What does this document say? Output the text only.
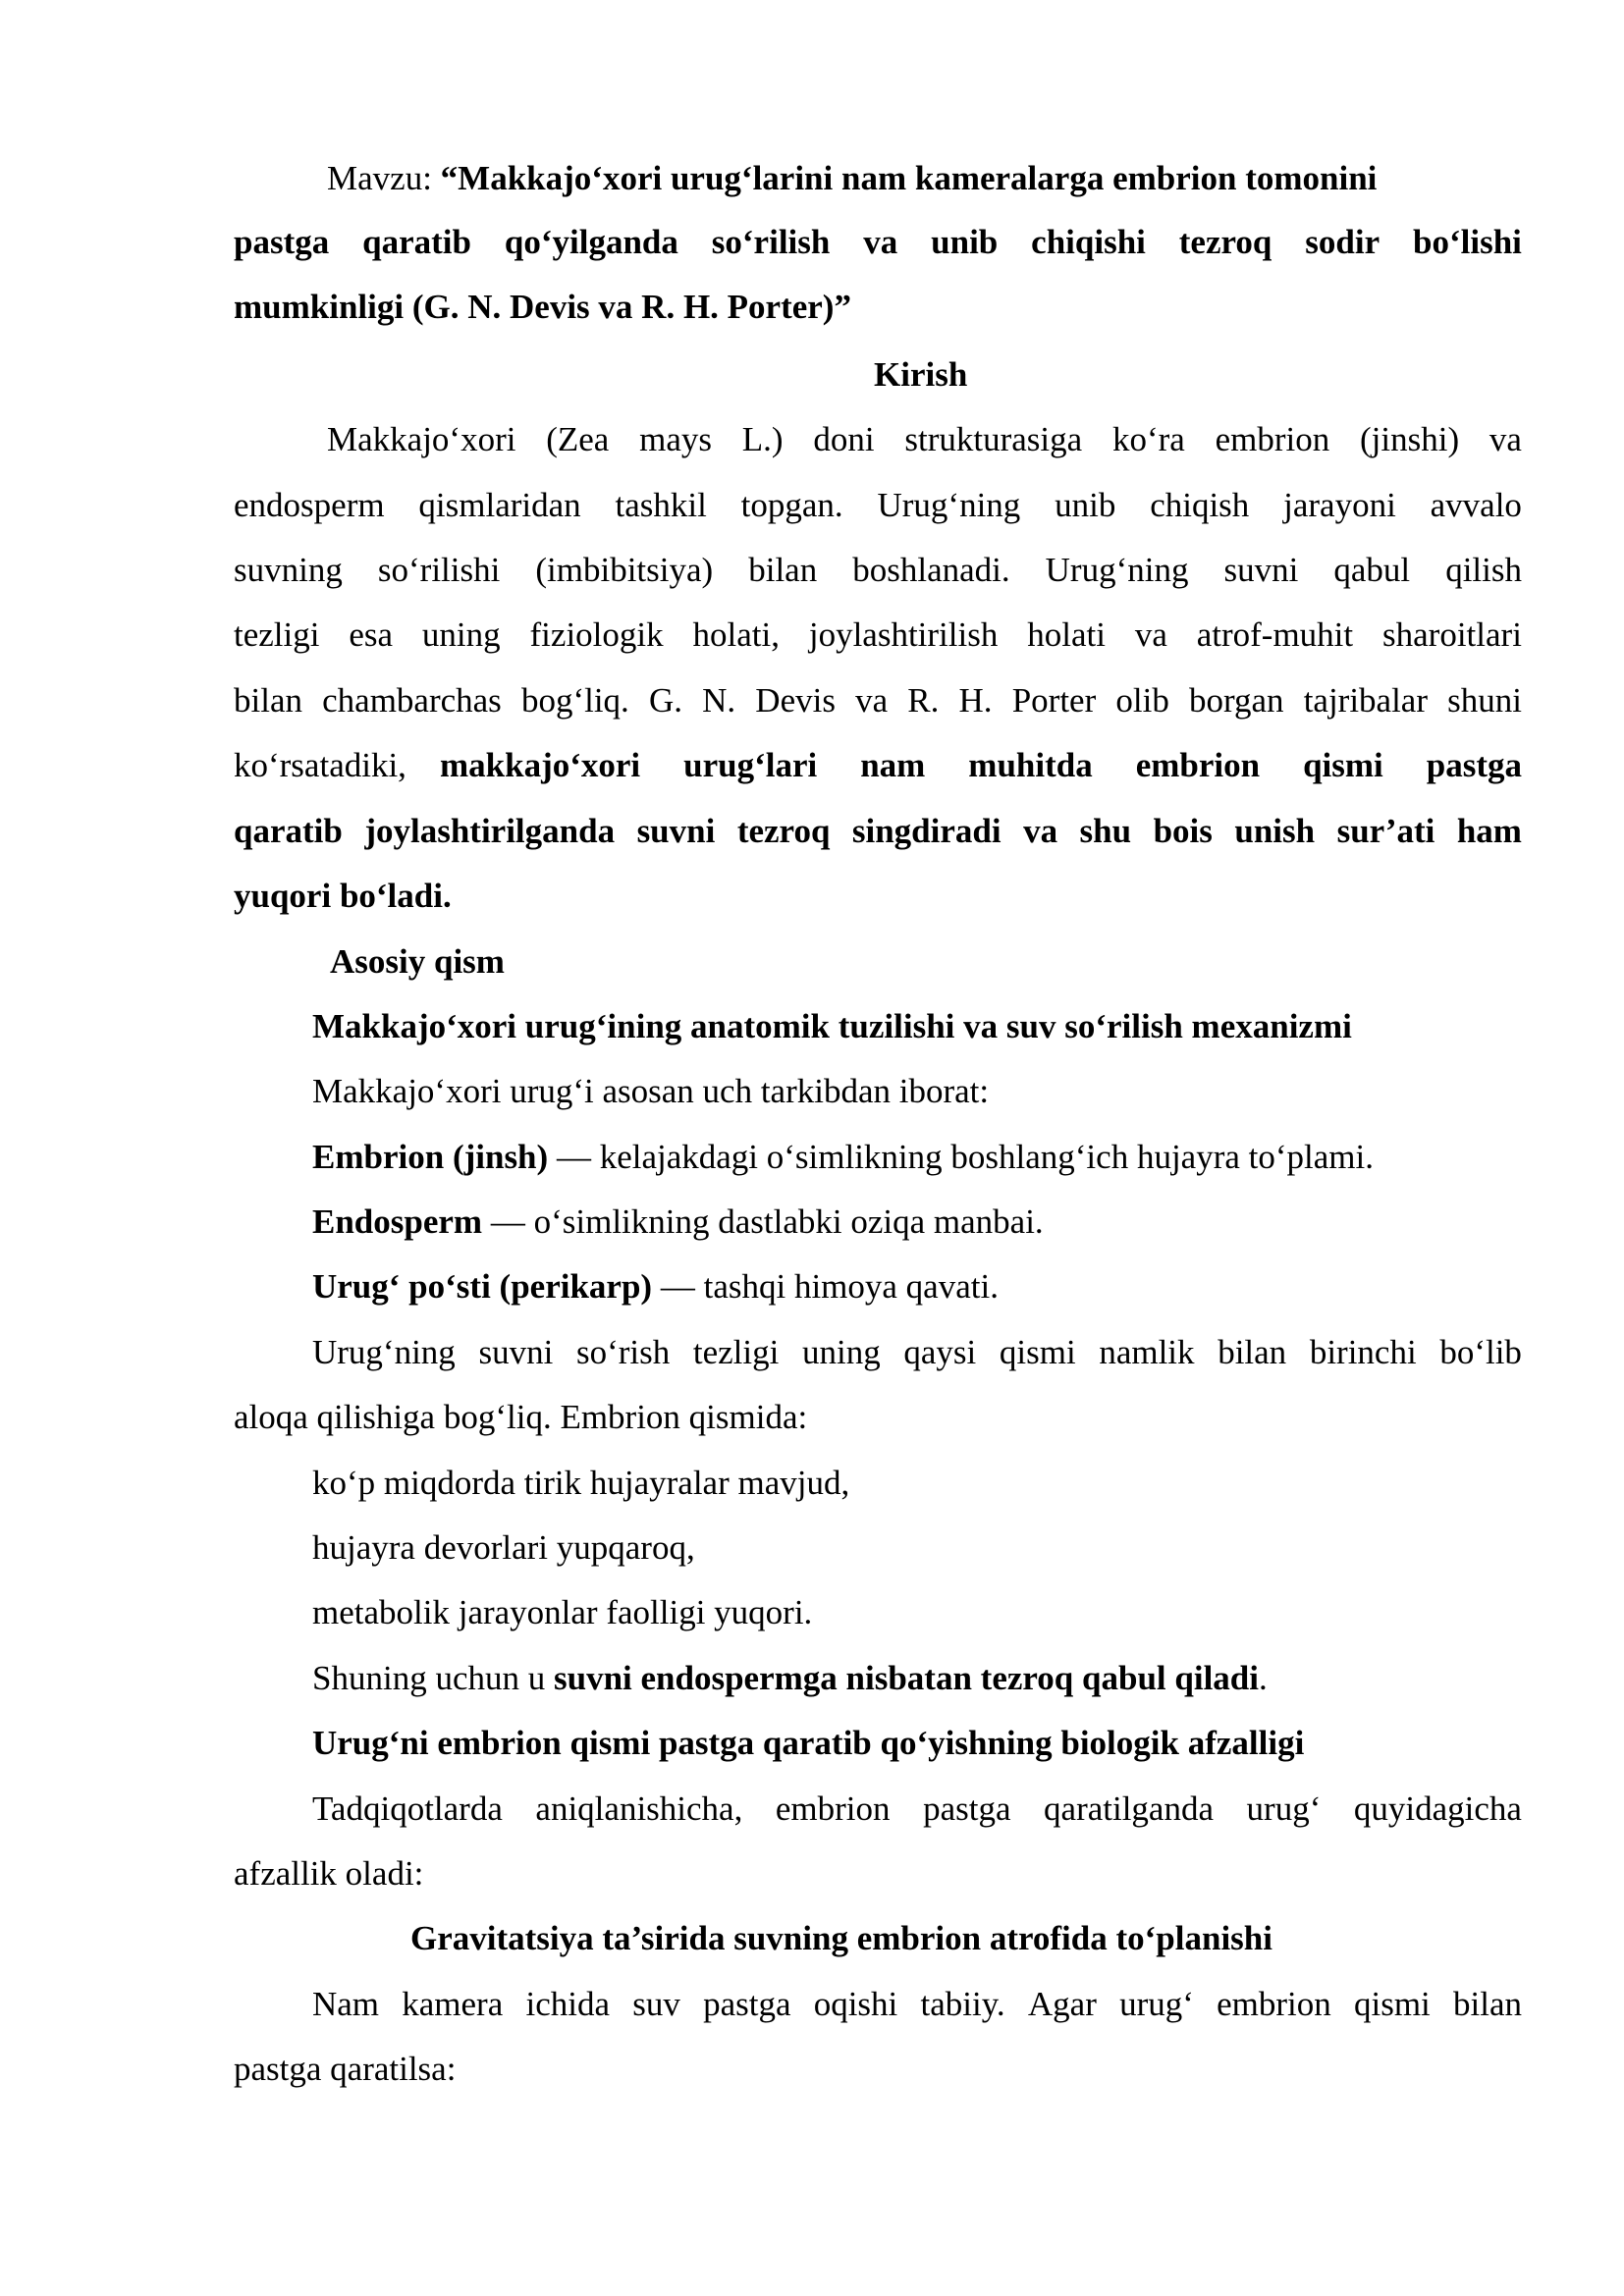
Mavzu: “Makkajo‘xori urug‘larini nam kameralarga embrion tomonini
pastga qaratib qo‘yilganda so‘rilish va unib chiqishi tezroq sodir bo‘lishi
mumkinligi (G. N. Devis va R. H. Porter)”
Kirish
Makkajo‘xori (Zea mays L.) doni strukturasiga ko‘ra embrion (jinshi) va
endosperm qismlaridan tashkil topgan. Urug‘ning unib chiqish jarayoni avvalo
suvning so‘rilishi (imbibitsiya) bilan boshlanadi. Urug‘ning suvni qabul qilish
tezligi esa uning fiziologik holati, joylashtirilish holati va atrof-muhit sharoitlari
bilan chambarchas bog‘liq. G. N. Devis va R. H. Porter olib borgan tajribalar shuni
ko‘rsatadiki, makkajo‘xori urug‘lari nam muhitda embrion qismi pastga
qaratib joylashtirilganda suvni tezroq singdiradi va shu bois unish sur’ati ham
yuqori bo‘ladi.
Asosiy qism
Makkajo‘xori urug‘ining anatomik tuzilishi va suv so‘rilish mexanizmi
Makkajo‘xori urug‘i asosan uch tarkibdan iborat:
Embrion (jinsh) — kelajakdagi o‘simlikning boshlang‘ich hujayra to‘plami.
Endosperm — o‘simlikning dastlabki oziqa manbai.
Urug‘ po‘sti (perikarp) — tashqi himoya qavati.
Urug‘ning suvni so‘rish tezligi uning qaysi qismi namlik bilan birinchi bo‘lib
aloqa qilishiga bog‘liq. Embrion qismida:
ko‘p miqdorda tirik hujayralar mavjud,
hujayra devorlari yupqaroq,
metabolik jarayonlar faolligi yuqori.
Shuning uchun u suvni endospermga nisbatan tezroq qabul qiladi.
Urug‘ni embrion qismi pastga qaratib qo‘yishning biologik afzalligi
Tadqiqotlarda aniqlanishicha, embrion pastga qaratilganda urug‘ quyidagicha
afzallik oladi:
Gravitatsiya ta’sirida suvning embrion atrofida to‘planishi
Nam kamera ichida suv pastga oqishi tabiiy. Agar urug‘ embrion qismi bilan
pastga qaratilsa:
